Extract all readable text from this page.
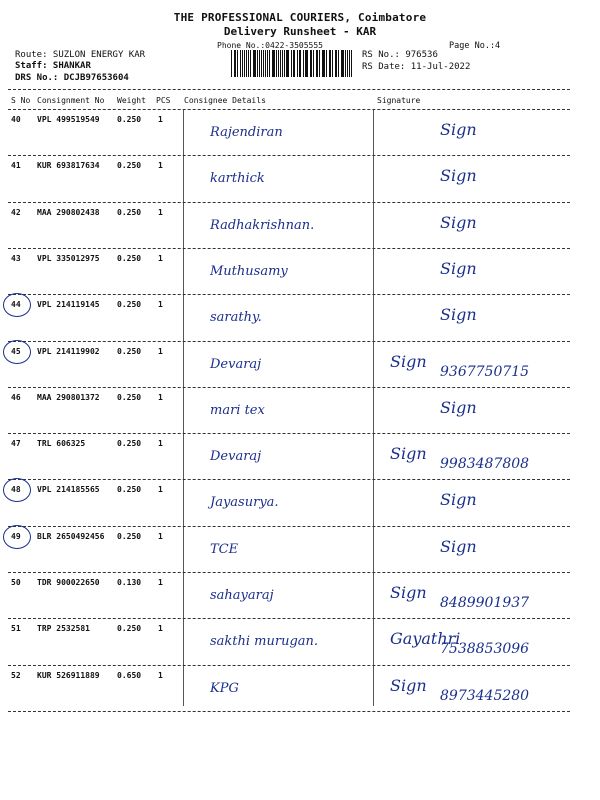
THE PROFESSIONAL COURIERS, Coimbatore
Delivery Runsheet - KAR
Phone No.:0422-3505555	Page No.:4
Route: SUZLON ENERGY KAR
Staff: SHANKAR
DRS No.: DCJB97653604
RS No.: 976536
RS Date: 11-Jul-2022
S No Consignment No Weight PCS Consignee Details	Signature
40 VPL 499519549 0.250 1
Rajendiran	Sign
41 KUR 693817634 0.250 1
karthick	Sign
42 MAA 290802438 0.250 1
Radhakrishnan.	Sign
43 VPL 335012975 0.250 1
Muthusamy	Sign
44 VPL 214119145 0.250 1
sarathy.	Sign
45 VPL 214119902 0.250 1
Devaraj	Sign
9367750715
46 MAA 290801372 0.250 1
mari tex	Sign
47 TRL 606325	0.250 1
Devaraj	Sign
9983487808
48 VPL 214185565 0.250 1
Jayasurya.	Sign
49 BLR 2650492456 0.250 1
TCE	Sign
50 TDR 900022650 0.130 1
sahayaraj	Sign
8489901937
51 TRP 2532581	0.250 1
sakthi murugan.	Gayathri
7538853096
52 KUR 526911889 0.650 1
KPG	Sign
8973445280
